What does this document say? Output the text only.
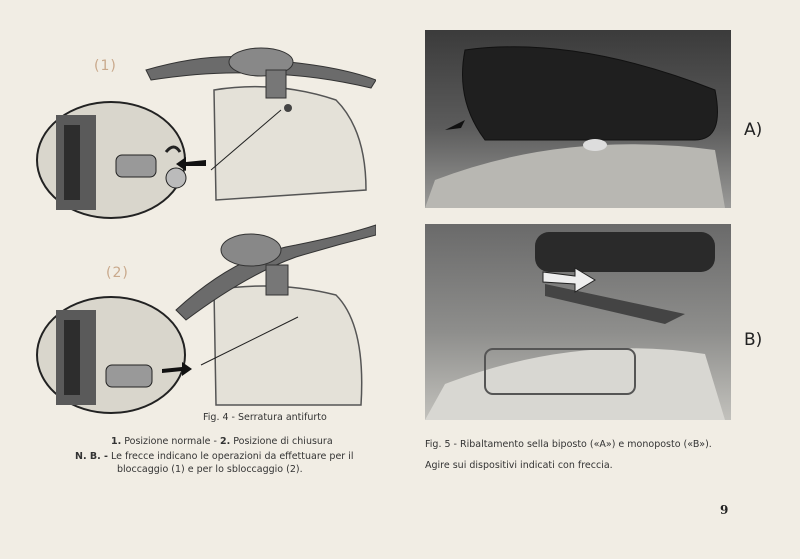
(1)
(2)
A)
B)
Fig. 4 - Serratura antifurto
1. Posizione normale - 2. Posizione di chiusura
N. B. - Le frecce indicano le operazioni da effettuare per il
bloccaggio (1) e per lo sbloccaggio (2).
Fig. 5 - Ribaltamento sella biposto («A») e monoposto («B»).
Agire sui dispositivi indicati con freccia.
9
